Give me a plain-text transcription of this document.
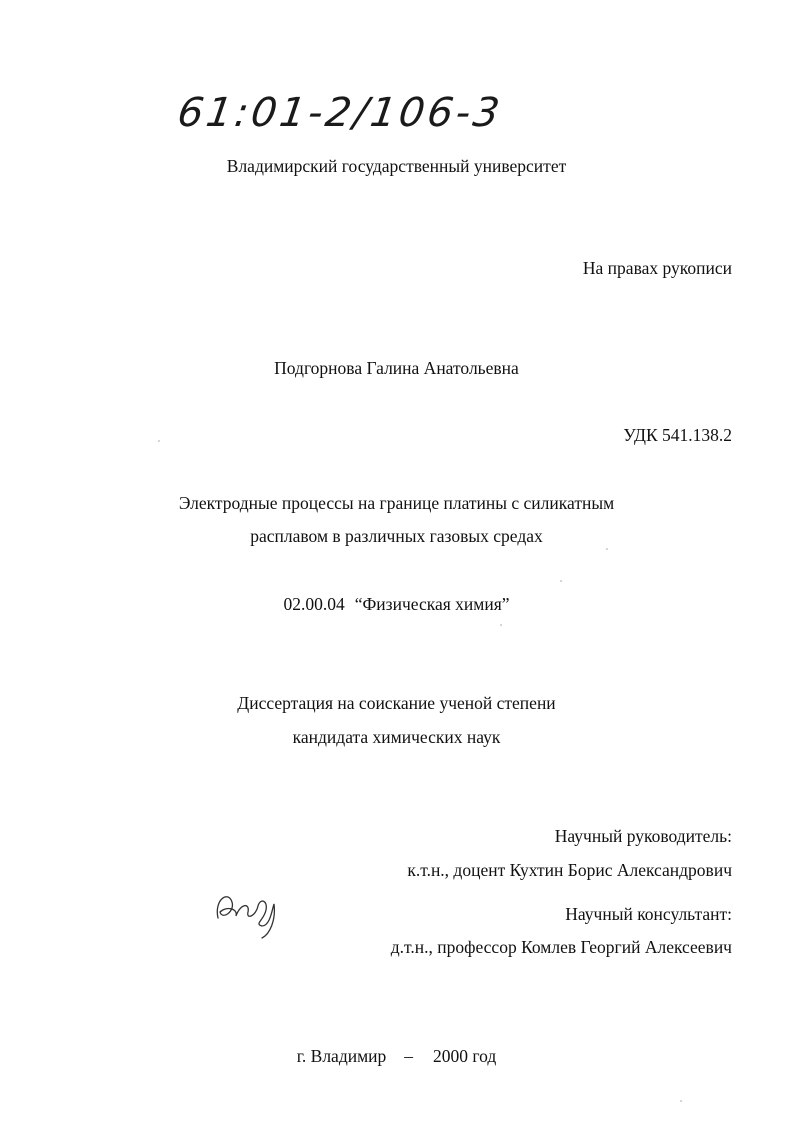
61:01-2/106-3
Владимирский государственный университет
На правах рукописи
Подгорнова Галина Анатольевна
УДК 541.138.2
Электродные процессы на границе платины с силикатным
расплавом в различных газовых средах
02.00.04 “Физическая химия”
Диссертация на соискание ученой степени
кандидата химических наук
Научный руководитель:
к.т.н., доцент Кухтин Борис Александрович
Научный консультант:
д.т.н., профессор Комлев Георгий Алексеевич
г. Владимир – 2000 год
